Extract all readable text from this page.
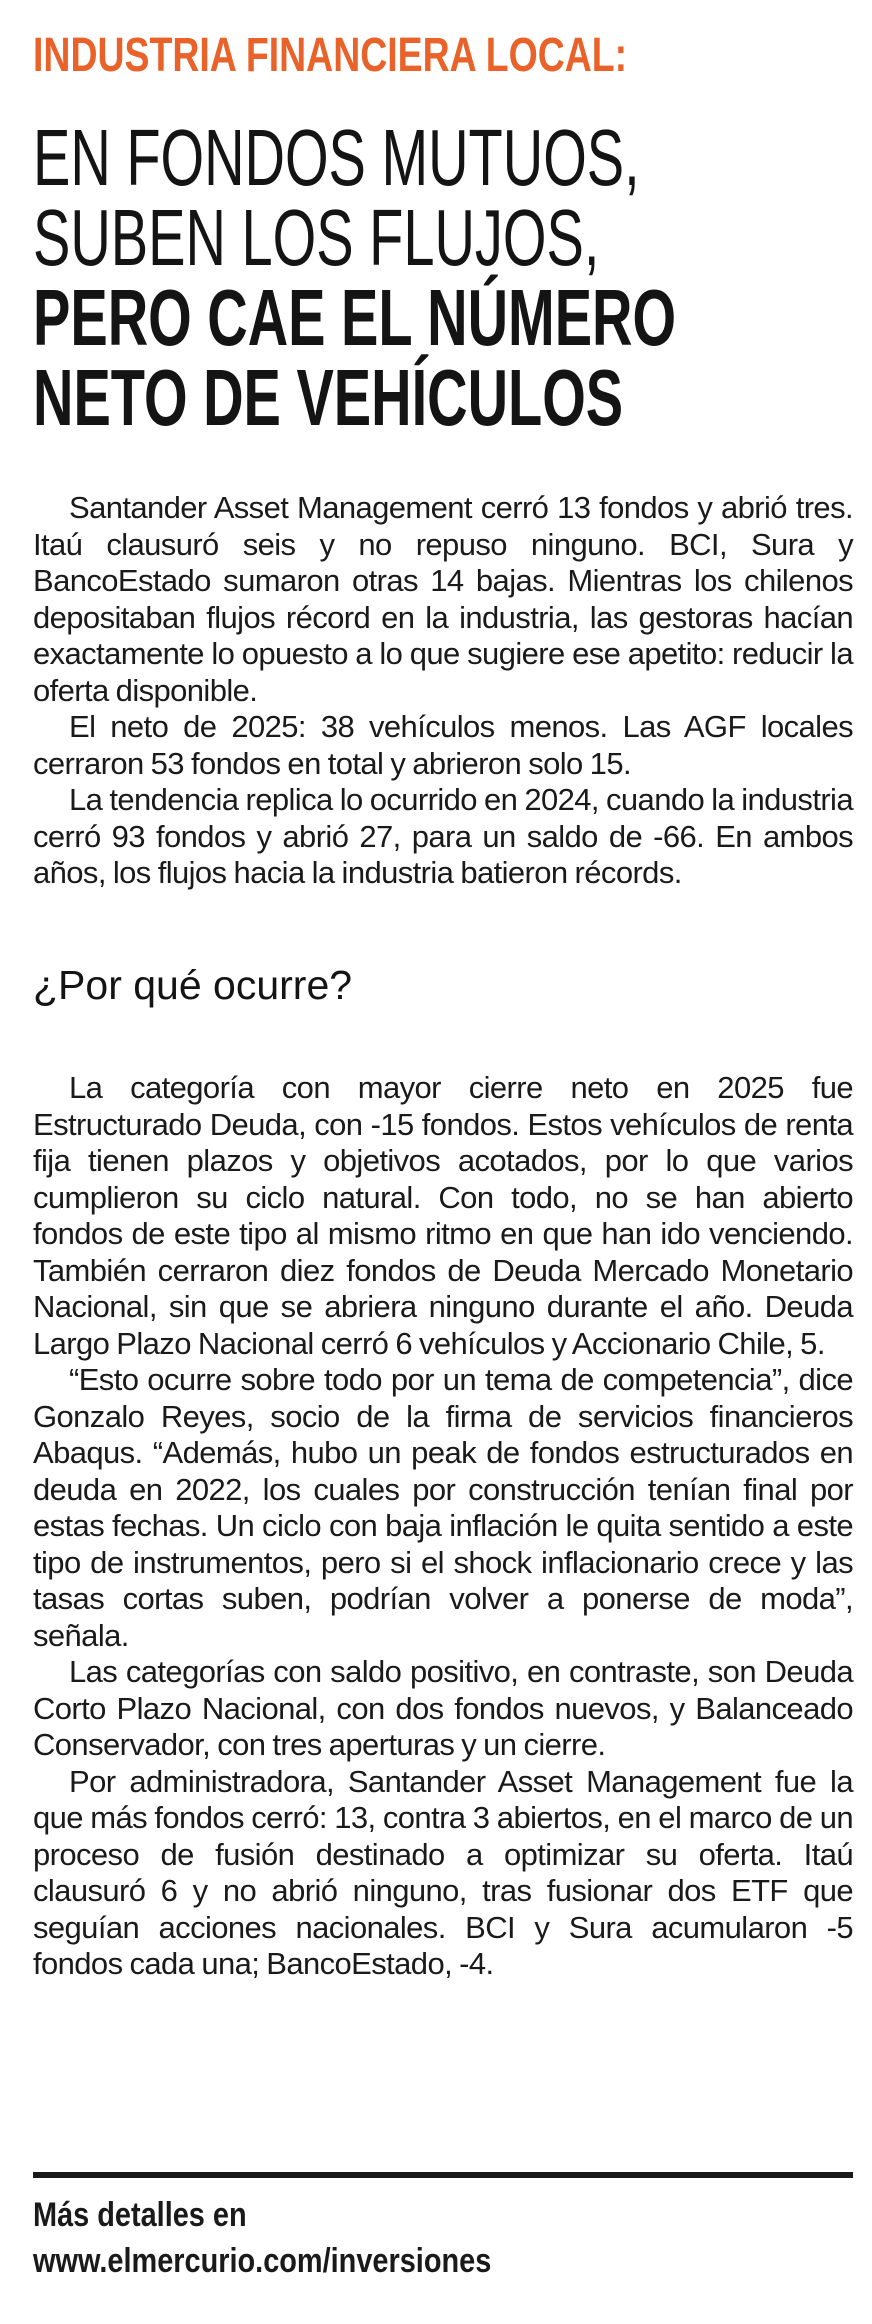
INDUSTRIA FINANCIERA LOCAL:
EN FONDOS MUTUOS,
SUBEN LOS FLUJOS,
PERO CAE EL NÚMERO
NETO DE VEHÍCULOS

Santander Asset Management cerró 13 fondos y abrió tres. Itaú clausuró seis y no repuso ninguno. BCI, Sura y BancoEstado sumaron otras 14 bajas. Mientras los chilenos depositaban flujos récord en la industria, las gestoras hacían exactamente lo opuesto a lo que sugiere ese apetito: reducir la oferta disponible.

El neto de 2025: 38 vehículos menos. Las AGF locales cerraron 53 fondos en total y abrieron solo 15.

La tendencia replica lo ocurrido en 2024, cuando la industria cerró 93 fondos y abrió 27, para un saldo de -66. En ambos años, los flujos hacia la industria batieron récords.

¿Por qué ocurre?

La categoría con mayor cierre neto en 2025 fue Estructurado Deuda, con -15 fondos. Estos vehículos de renta fija tienen plazos y objetivos acotados, por lo que varios cumplieron su ciclo natural. Con todo, no se han abierto fondos de este tipo al mismo ritmo en que han ido venciendo. También cerraron diez fondos de Deuda Mercado Monetario Nacional, sin que se abriera ninguno durante el año. Deuda Largo Plazo Nacional cerró 6 vehículos y Accionario Chile, 5.

“Esto ocurre sobre todo por un tema de competencia”, dice Gonzalo Reyes, socio de la firma de servicios financieros Abaqus. “Además, hubo un peak de fondos estructurados en deuda en 2022, los cuales por construcción tenían final por estas fechas. Un ciclo con baja inflación le quita sentido a este tipo de instrumentos, pero si el shock inflacionario crece y las tasas cortas suben, podrían volver a ponerse de moda”, señala.

Las categorías con saldo positivo, en contraste, son Deuda Corto Plazo Nacional, con dos fondos nuevos, y Balanceado Conservador, con tres aperturas y un cierre.

Por administradora, Santander Asset Management fue la que más fondos cerró: 13, contra 3 abiertos, en el marco de un proceso de fusión destinado a optimizar su oferta. Itaú clausuró 6 y no abrió ninguno, tras fusionar dos ETF que seguían acciones nacionales. BCI y Sura acumularon -5 fondos cada una; BancoEstado, -4.

Más detalles en
www.elmercurio.com/inversiones
